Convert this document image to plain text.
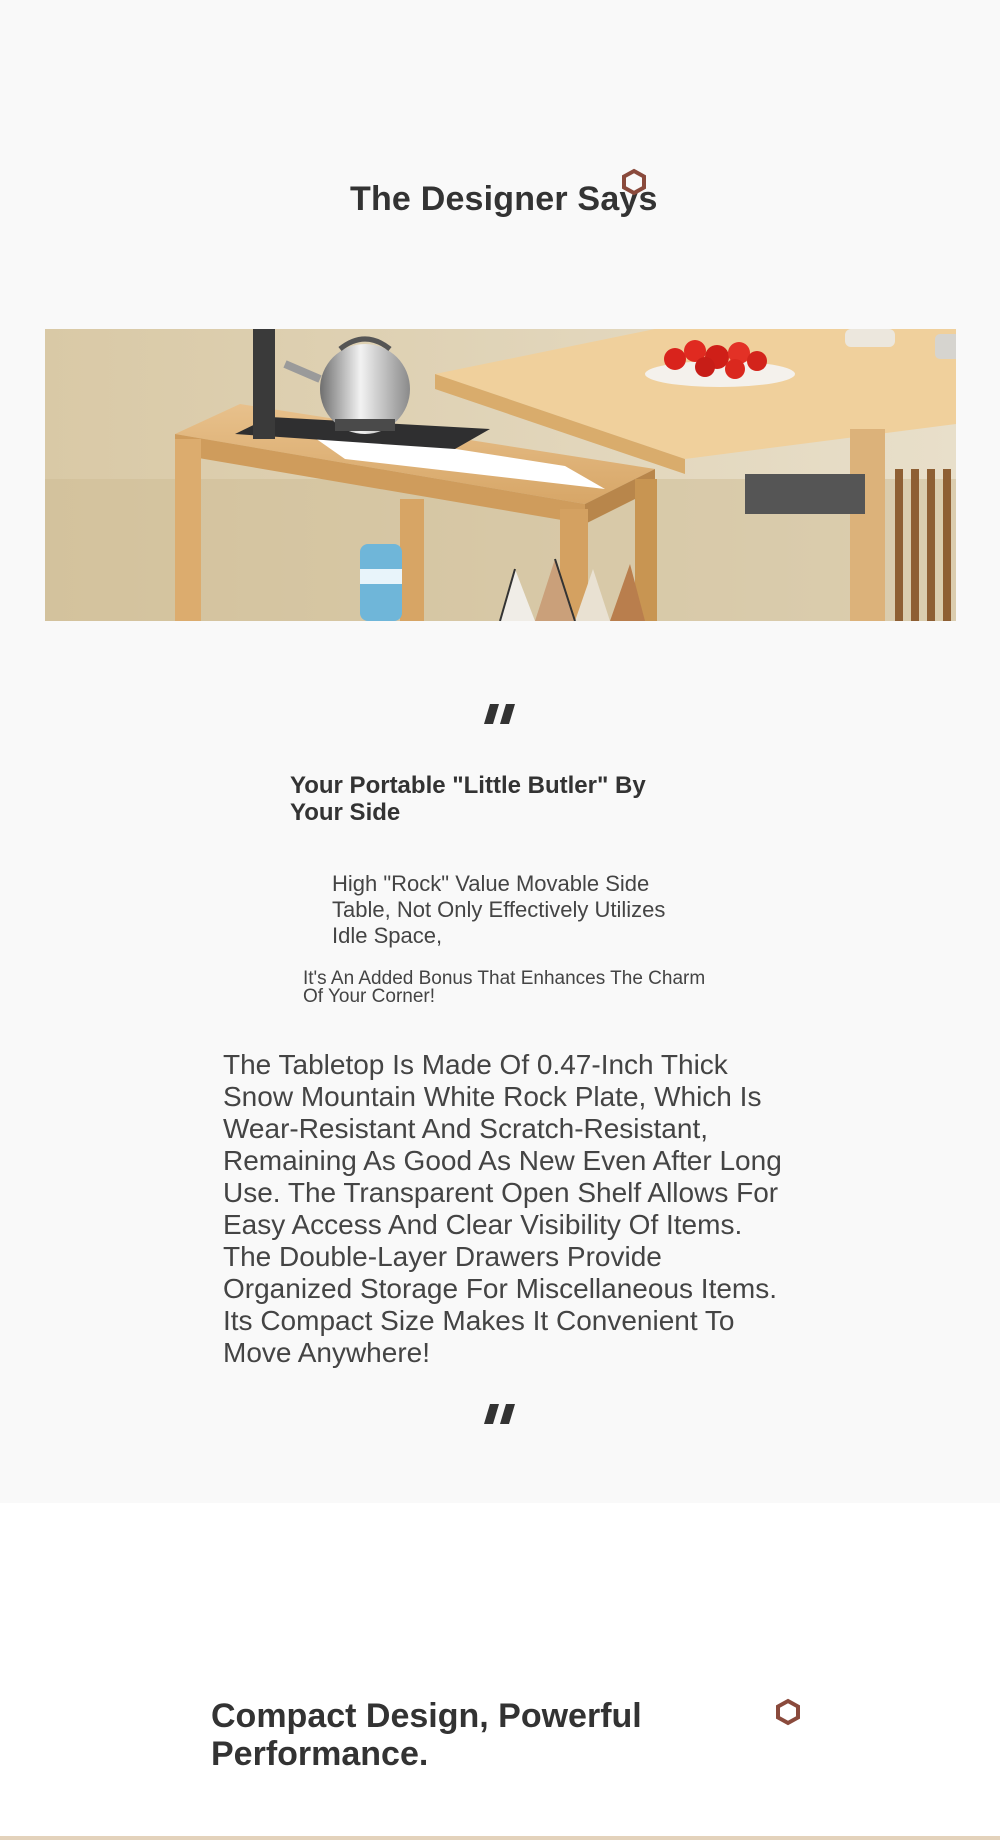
The Designer Says
Your Portable "Little Butler" By Your Side
High "Rock" Value Movable Side Table, Not Only Effectively Utilizes Idle Space,
It's An Added Bonus That Enhances The Charm Of Your Corner!
The Tabletop Is Made Of 0.47-Inch Thick Snow Mountain White Rock Plate, Which Is Wear-Resistant And Scratch-Resistant, Remaining As Good As New Even After Long Use. The Transparent Open Shelf Allows For Easy Access And Clear Visibility Of Items. The Double-Layer Drawers Provide Organized Storage For Miscellaneous Items. Its Compact Size Makes It Convenient To Move Anywhere!
Compact Design, Powerful Performance.
